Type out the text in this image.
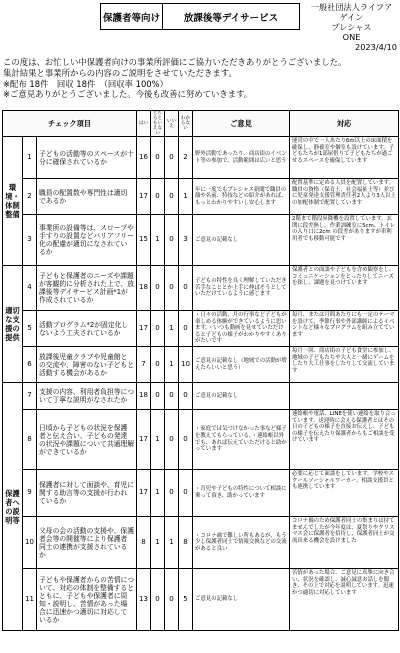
保護者等向け	放課後等デイサービス
一般社団法人ライフア
ゲイン
プレシャス
ONE
2023/4/10

この度は、お忙しい中保護者向けの事業所評価にご協力いただきありがとうございました。

集計結果と事業所からの内容のご説明をさせていただきます。

※配布 18件　回収 18件　（回収率 100%）

※ご意見ありがとうございました。今後も改善に努めていきます。

チェック項目			はい	どちらともいえない	いいえ	わからない	ご意見	対応
環境・体制整備	1	子どもの活動等のスペースが十分に確保されているか	16	0	0	2	野外活動であったり、商店街のイベント等の参加で、活動範囲は広いと思う	運営の中で一人あたり6m以上の床面積を確保し、静養室や個室も設けています。子どもたちが1部屋借りて子どもたちが過ごせるスペースを確保しています
	2	職員の配置数や専門性は適切であるか	17	0	0	1	年に一度でもプレシャス新聞で職員の顔や名前、特技などの紹介があれば、もっとわかりやすいし安心します	配置基準に定める人員を配置しています。職員の資格（保育士、社会福祉士等）並びに児童発達支援管理責任者2人より3人以上の加配体制で配置しています
	3	事業所の設備等は、スロープや手すりの設置などバリアフリー化の配慮が適切になされているか	15	1	0	3	ご意見の記載なし	2階まで階段昇降機を設置しています。玄関に段差無し。作業訓練室に5cm、トイレの入り口に2cm の段差がありますが車利用者でも移動可能です
適切な支援の提供	4	子どもと保護者のニーズや課題が客観的に分析された上で、放課後等デイサービス計画*1が作成されているか	18	0	0	0	子どもの特性を良く理解していただき苦手なこととか上手に伸ばそうとしていただけているように感じます	保護者との面談や子どもを含め観察をし、コミュニケーションをとったりしてニーズを探し、課題を見つけています
	5	活動プログラム*2が固定化しないよう工夫されているか	17	0	1	0	・日々の活動、月の行事など子どもが楽しめる体験ができているように思います。・いつも動画を見せていただけると子どもの様子がわかりやすくありがたいです	毎月、または月間あたりにも一定のテーマを設けて、季節行事や外部講師によるイベントなど様々なプログラムを組み立てています
	6	放課後児童クラブや児童館との交流や、障害のない子どもと活動する機会があるか	7	0	1	10	ご意見の記載なし（地域での活動が増えたらいいと思う）	毎月一回、商店街の子ども食堂に参加し、地域の子どもたちや大人と一緒にゲームをしたり大工仕事をしたりして交流しています
保護者への説明等	7	支援の内容、利用者負担等について丁寧な説明がなされたか	18	0	0	0	ご意見の記載なし	
	8	日頃から子どもの状況を保護者と伝え合い、子どもの発達の状況や課題について共通理解ができているか	17	1	0	0	・家庭では気づけなかった事など様子を教えてもらっている。・連絡帳以外でも、あれば伝えていただけると助かっています	連絡帳や電話、LINEを使い連絡を取り合っています。送迎時に会える保護者とはその日の子どもの様子を直接お伝えし、子どもの様子を伝えたり保護者からもご相談を受けています
	9	保護者に対して面談や、育児に関する助言等の支援が行われているか	17	1	0	0	・育児や子どもの特性について相談に乗って頂き、助かっています	必要に応じて面談をしています。学校やスクールソーシャルワーカー、相談支援員とも連携しています
	10	父母の会の活動の支援や、保護者会等の開催等により保護者同士の連携が支援されているか	8	1	1	8	・コロナ禍で難しい所もあるが、もう少し保護者同士で情報交換などの交流があると良い	コロナ禍のため保護者同士の集まりは持てませんでしたが今年度は、夏祭りやクリスマス会に保護者を招待し、保護者同士が交流出来る機会を設けました
	11	子どもや保護者からの苦情について、対応の体制を整備するとともに、子どもや保護者に周知・説明し、苦情があった場合に迅速かつ適切に対応しているか	13	0	0	5	ご意見の記載なし	苦情があった場合、ご意見に真摯に向き合い、状況を確認し、誠心誠意お話しを聞き、その上で対応を説明しています。迅速かつ適切に対応しています
